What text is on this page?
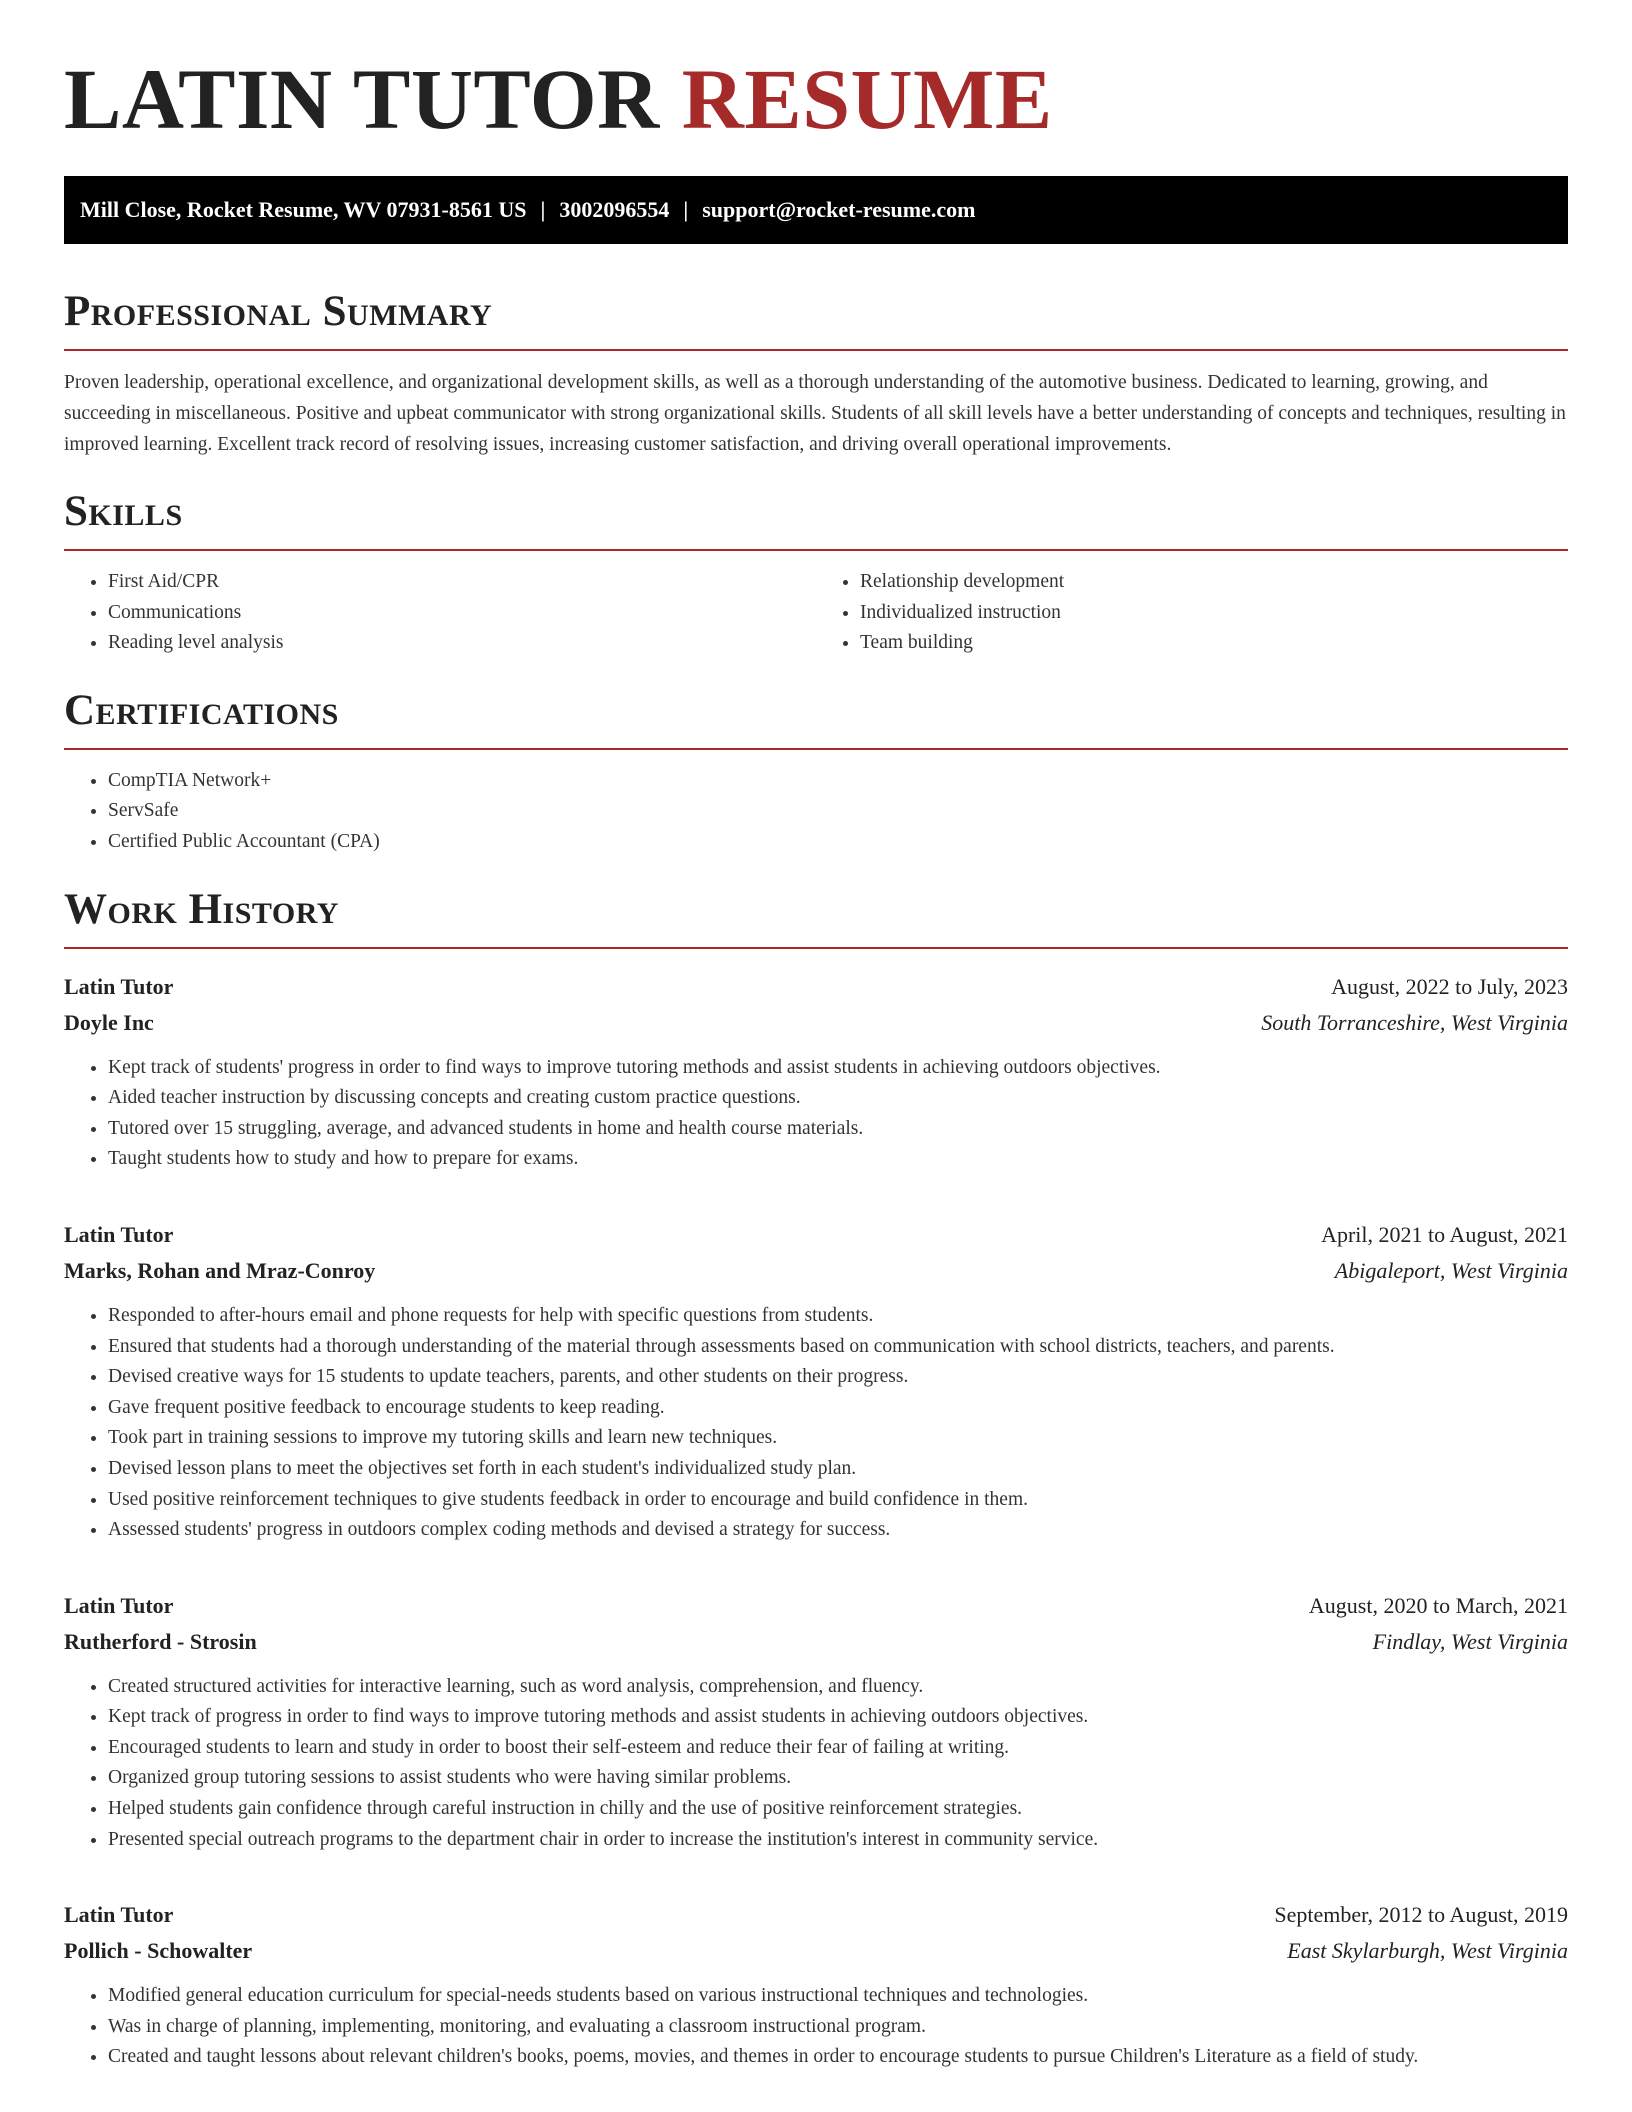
LATIN TUTOR RESUME
Mill Close, Rocket Resume, WV 07931-8561 US | 3002096554 | support@rocket-resume.com
Professional Summary

Proven leadership, operational excellence, and organizational development skills, as well as a thorough understanding of the automotive business. Dedicated to learning, growing, and succeeding in miscellaneous. Positive and upbeat communicator with strong organizational skills. Students of all skill levels have a better understanding of concepts and techniques, resulting in improved learning. Excellent track record of resolving issues, increasing customer satisfaction, and driving overall operational improvements.

Skills
• First Aid/CPR
• Communications
• Reading level analysis
• Relationship development
• Individualized instruction
• Team building
Certifications
• CompTIA Network+
• ServSafe
• Certified Public Accountant (CPA)
Work History
Latin Tutor	August, 2022 to July, 2023
Doyle Inc	South Torranceshire, West Virginia
• Kept track of students' progress in order to find ways to improve tutoring methods and assist students in achieving outdoors objectives.
• Aided teacher instruction by discussing concepts and creating custom practice questions.
• Tutored over 15 struggling, average, and advanced students in home and health course materials.
• Taught students how to study and how to prepare for exams.
Latin Tutor	April, 2021 to August, 2021
Marks, Rohan and Mraz-Conroy	Abigaleport, West Virginia
• Responded to after-hours email and phone requests for help with specific questions from students.
• Ensured that students had a thorough understanding of the material through assessments based on communication with school districts, teachers, and parents.
• Devised creative ways for 15 students to update teachers, parents, and other students on their progress.
• Gave frequent positive feedback to encourage students to keep reading.
• Took part in training sessions to improve my tutoring skills and learn new techniques.
• Devised lesson plans to meet the objectives set forth in each student's individualized study plan.
• Used positive reinforcement techniques to give students feedback in order to encourage and build confidence in them.
• Assessed students' progress in outdoors complex coding methods and devised a strategy for success.
Latin Tutor	August, 2020 to March, 2021
Rutherford - Strosin	Findlay, West Virginia
• Created structured activities for interactive learning, such as word analysis, comprehension, and fluency.
• Kept track of progress in order to find ways to improve tutoring methods and assist students in achieving outdoors objectives.
• Encouraged students to learn and study in order to boost their self-esteem and reduce their fear of failing at writing.
• Organized group tutoring sessions to assist students who were having similar problems.
• Helped students gain confidence through careful instruction in chilly and the use of positive reinforcement strategies.
• Presented special outreach programs to the department chair in order to increase the institution's interest in community service.
Latin Tutor	September, 2012 to August, 2019
Pollich - Schowalter	East Skylarburgh, West Virginia
• Modified general education curriculum for special-needs students based on various instructional techniques and technologies.
• Was in charge of planning, implementing, monitoring, and evaluating a classroom instructional program.
• Created and taught lessons about relevant children's books, poems, movies, and themes in order to encourage students to pursue Children's Literature as a field of study.
